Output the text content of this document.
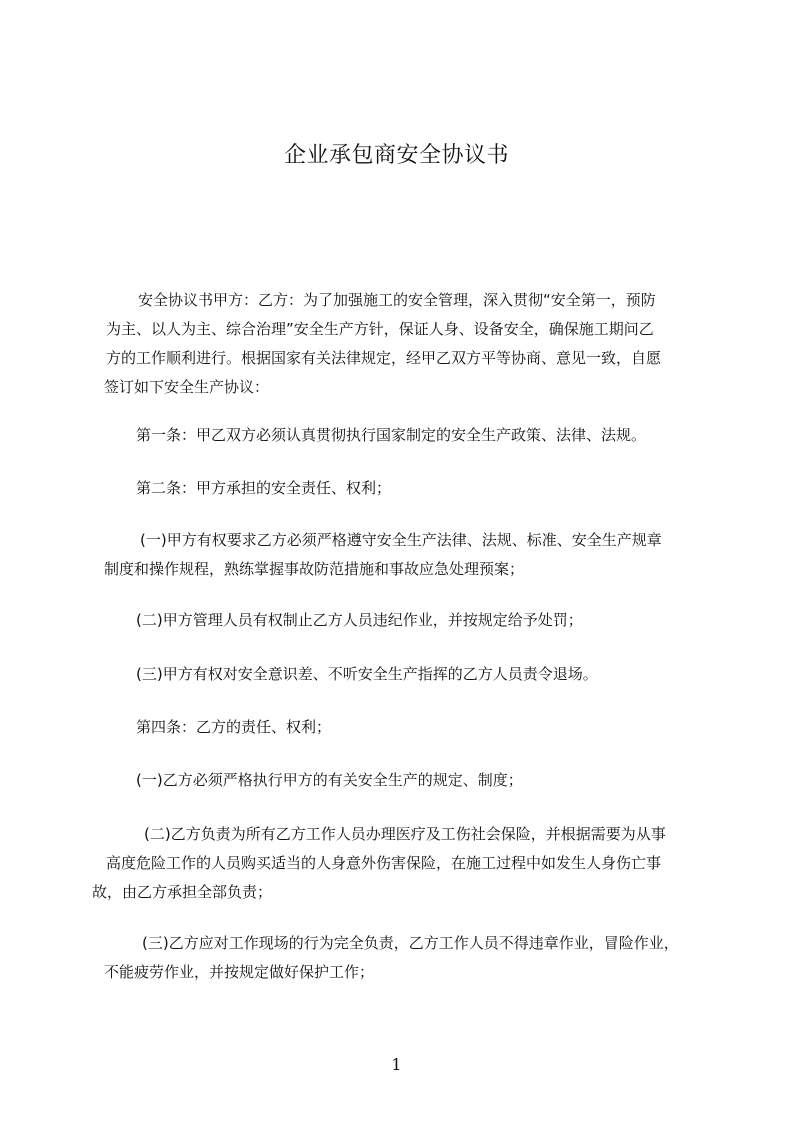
企业承包商安全协议书
安全协议书甲方：乙方：为了加强施工的安全管理，深入贯彻“安全第一，预防
为主、以人为主、综合治理”安全生产方针，保证人身、设备安全，确保施工期问乙
方的工作顺利进行。根据国家有关法律规定，经甲乙双方平等协商、意见一致，自愿
签订如下安全生产协议：
第一条：甲乙双方必须认真贯彻执行国家制定的安全生产政策、法律、法规。
第二条：甲方承担的安全责任、权利；
(一)甲方有权要求乙方必须严格遵守安全生产法律、法规、标准、安全生产规章
制度和操作规程，熟练掌握事故防范措施和事故应急处理预案；
(二)甲方管理人员有权制止乙方人员违纪作业，并按规定给予处罚；
(三)甲方有权对安全意识差、不听安全生产指挥的乙方人员责令退场。
第四条：乙方的责任、权利；
(一)乙方必须严格执行甲方的有关安全生产的规定、制度；
(二)乙方负责为所有乙方工作人员办理医疗及工伤社会保险，并根据需要为从事
高度危险工作的人员购买适当的人身意外伤害保险，在施工过程中如发生人身伤亡事
故，由乙方承担全部负责；
(三)乙方应对工作现场的行为完全负责，乙方工作人员不得违章作业，冒险作业，
不能疲劳作业，并按规定做好保护工作；
1
